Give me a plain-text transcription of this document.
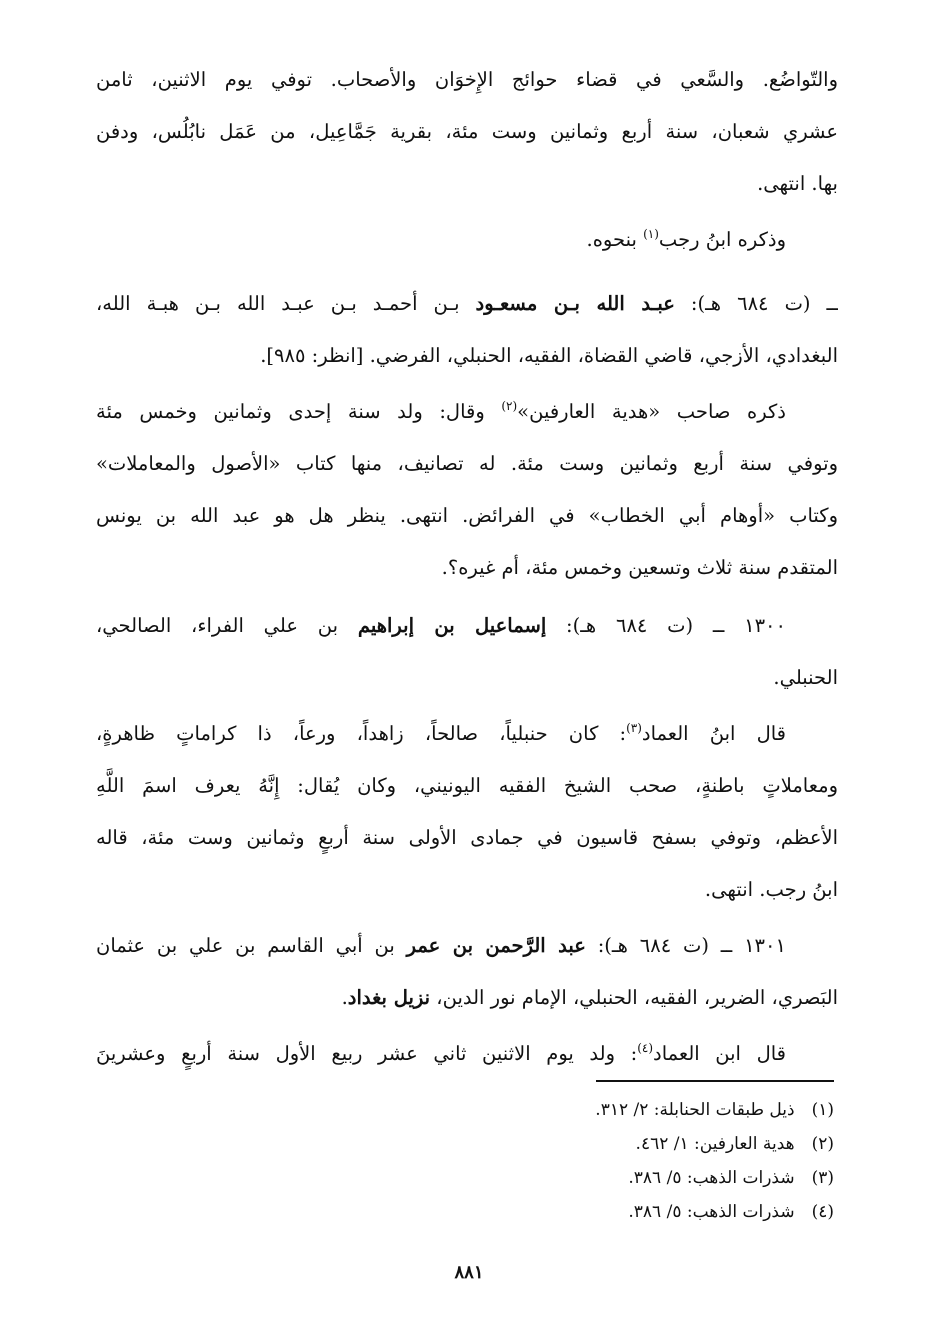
والتّواضُع. والسَّعي في قضاء حوائج الإِخوَان والأصحاب. توفي يوم الاثنين، ثامن
عشري شعبان، سنة أربع وثمانين وست مئة، بقرية جَمَّاعِيل، من عَمَل نابُلُس، ودفن
بها. انتهى.
وذكره ابنُ رجب$^{(١)}$ بنحوه.
ــ (ت ٦٨٤ هـ): عبـد الله بـن مسعـود بـن أحمـد بـن عبـد الله بـن هبـة الله،
البغدادي، الأزجي، قاضي القضاة، الفقيه، الحنبلي، الفرضي. [انظر: ٩٨٥].
ذكره صاحب «هدية العارفين»$^{(٢)}$ وقال: ولد سنة إحدى وثمانين وخمس مئة
وتوفي سنة أربع وثمانين وست مئة. له تصانيف، منها كتاب «الأصول والمعاملات»
وكتاب «أوهام أبي الخطاب» في الفرائض. انتهى. ينظر هل هو عبد الله بن يونس
المتقدم سنة ثلاث وتسعين وخمس مئة، أم غيره؟.
١٣٠٠ ــ (ت ٦٨٤ هـ): إسماعيل بن إبراهيم بن علي الفراء، الصالحي،
الحنبلي.
قال ابنُ العماد$^{(٣)}$: كان حنبلياً، صالحاً، زاهداً، ورعاً، ذا كراماتٍ ظاهرةٍ،
ومعاملاتٍ باطنةٍ، صحب الشيخ الفقيه اليونيني، وكان يُقال: إِنَّهُ يعرف اسمَ اللَّهِ
الأعظم، وتوفي بسفح قاسيون في جمادى الأولى سنة أربعٍ وثمانين وست مئة، قاله
ابنُ رجب. انتهى.
١٣٠١ ــ (ت ٦٨٤ هـ): عبد الرَّحمن بن عمر بن أبي القاسم بن علي بن عثمان
البَصري، الضرير، الفقيه، الحنبلي، الإمام نور الدين، نزيل بغداد.
قال ابن العماد$^{(٤)}$: ولد يوم الاثنين ثاني عشر ربيع الأول سنة أربعٍ وعشرينَ
(١) ذيل طبقات الحنابلة: ٢/ ٣١٢.
(٢) هدية العارفين: ١/ ٤٦٢.
(٣) شذرات الذهب: ٥/ ٣٨٦.
(٤) شذرات الذهب: ٥/ ٣٨٦.
٨٨١
